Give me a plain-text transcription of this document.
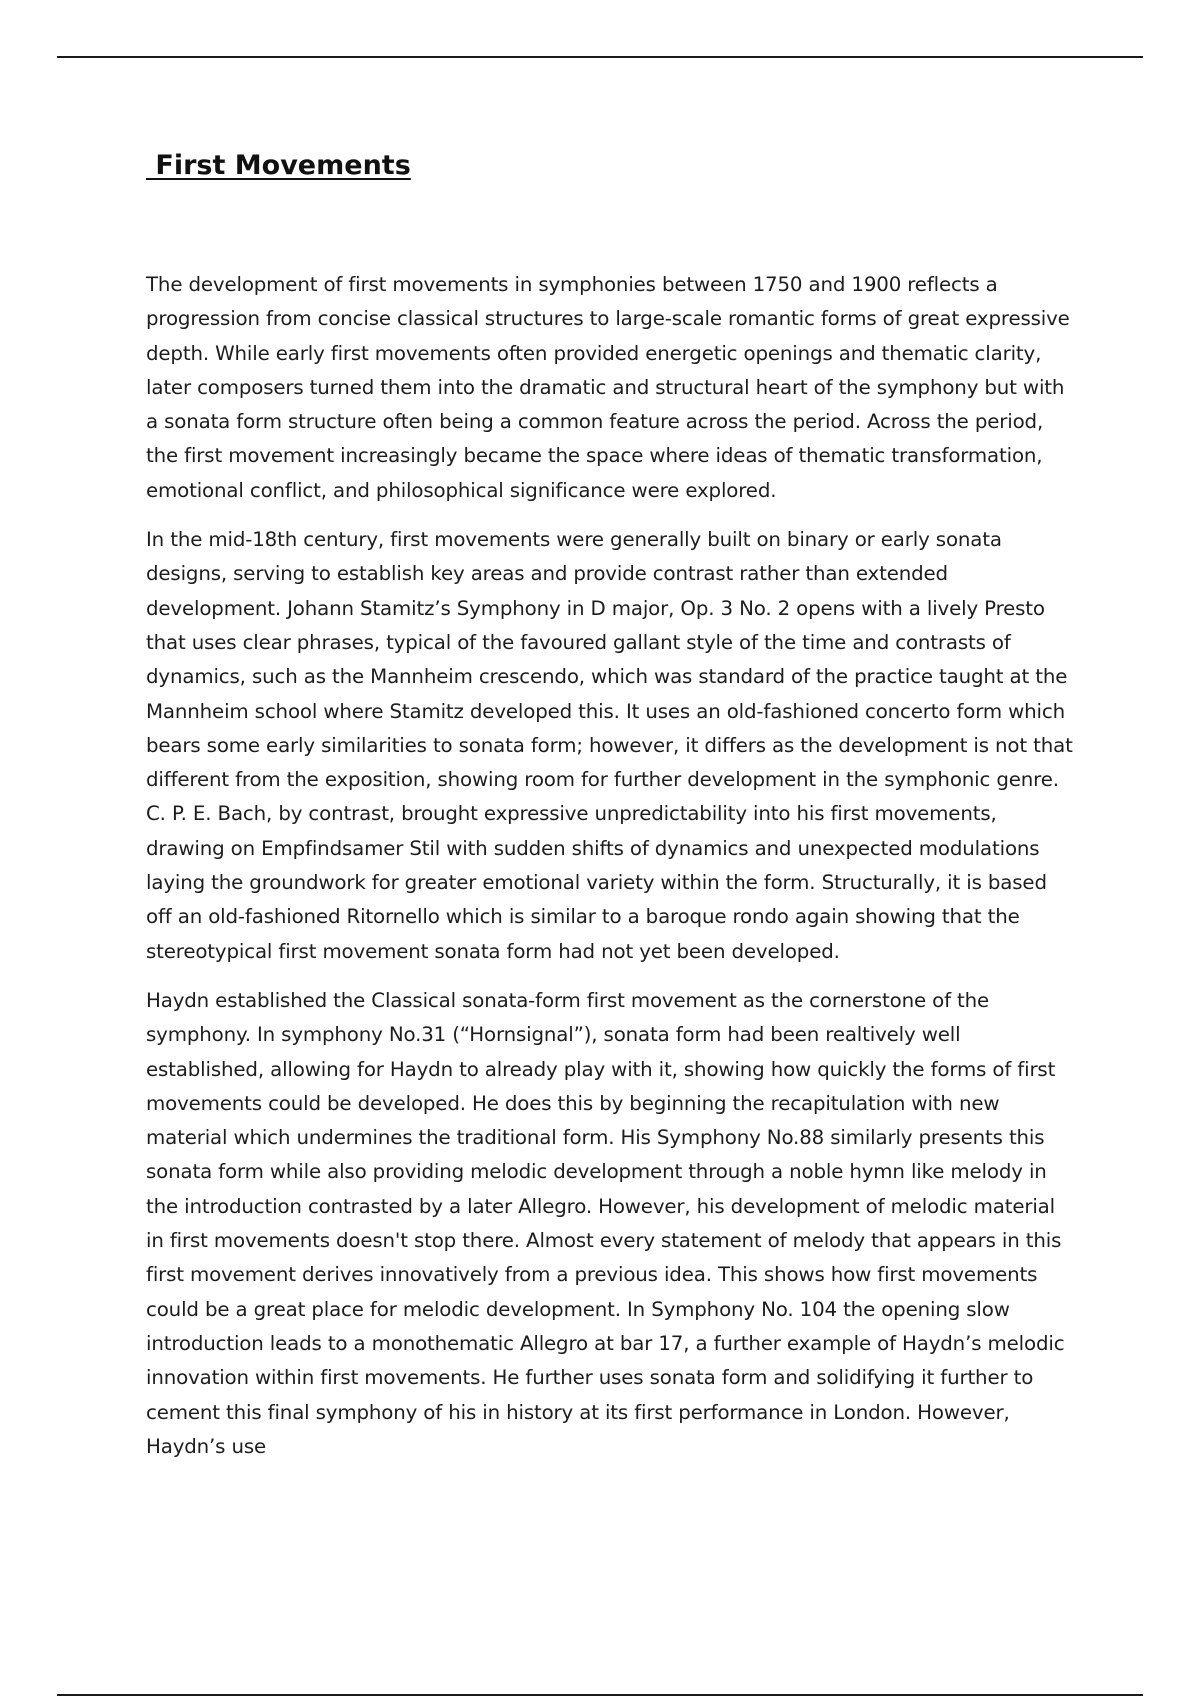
First Movements

The development of first movements in symphonies between 1750 and 1900 reflects a progression from concise classical structures to large-scale romantic forms of great expressive depth. While early first movements often provided energetic openings and thematic clarity, later composers turned them into the dramatic and structural heart of the symphony but with a sonata form structure often being a common feature across the period. Across the period, the first movement increasingly became the space where ideas of thematic transformation, emotional conflict, and philosophical significance were explored.

In the mid-18th century, first movements were generally built on binary or early sonata designs, serving to establish key areas and provide contrast rather than extended development. Johann Stamitz’s Symphony in D major, Op. 3 No. 2 opens with a lively Presto that uses clear phrases, typical of the favoured gallant style of the time and contrasts of dynamics, such as the Mannheim crescendo, which was standard of the practice taught at the Mannheim school where Stamitz developed this. It uses an old-fashioned concerto form which bears some early similarities to sonata form; however, it differs as the development is not that different from the exposition, showing room for further development in the symphonic genre. C. P. E. Bach, by contrast, brought expressive unpredictability into his first movements, drawing on Empfindsamer Stil with sudden shifts of dynamics and unexpected modulations laying the groundwork for greater emotional variety within the form. Structurally, it is based off an old-fashioned Ritornello which is similar to a baroque rondo again showing that the stereotypical first movement sonata form had not yet been developed.

Haydn established the Classical sonata-form first movement as the cornerstone of the symphony. In symphony No.31 (“Hornsignal”), sonata form had been realtively well established, allowing for Haydn to already play with it, showing how quickly the forms of first movements could be developed. He does this by beginning the recapitulation with new material which undermines the traditional form. His Symphony No.88 similarly presents this sonata form while also providing melodic development through a noble hymn like melody in the introduction contrasted by a later Allegro. However, his development of melodic material in first movements doesn't stop there. Almost every statement of melody that appears in this first movement derives innovatively from a previous idea. This shows how first movements could be a great place for melodic development. In Symphony No. 104 the opening slow introduction leads to a monothematic Allegro at bar 17, a further example of Haydn’s melodic innovation within first movements. He further uses sonata form and solidifying it further to cement this final symphony of his in history at its first performance in London. However, Haydn’s use
